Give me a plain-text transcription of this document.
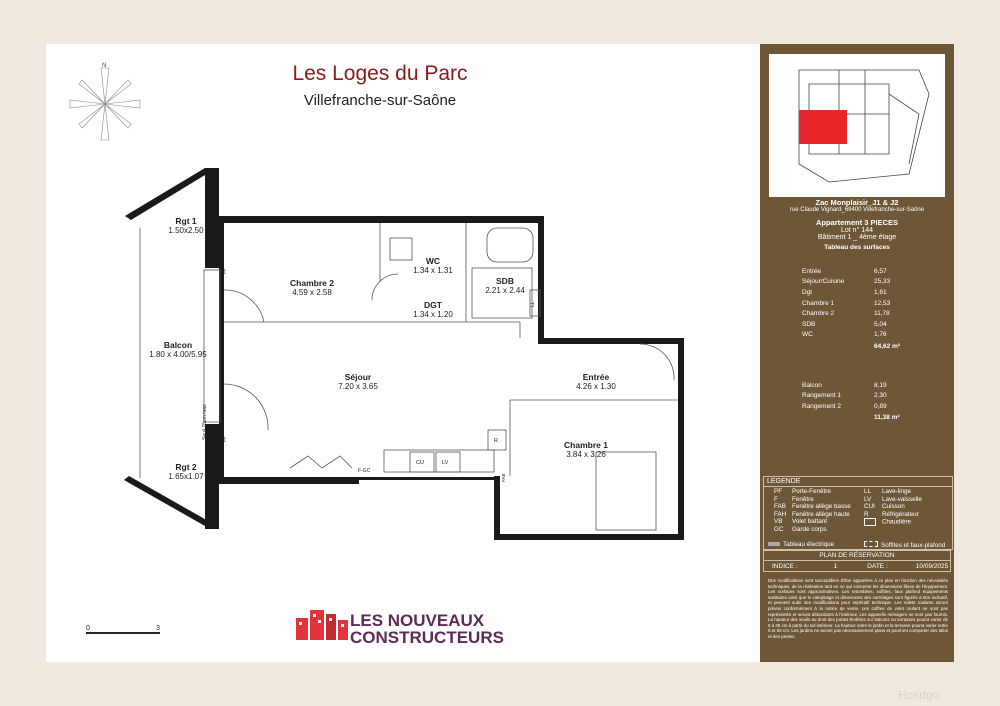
Les Loges du Parc
Villefranche-sur-Saône
N
LL
CU	LV
R
F-GC
FAB
PF
PF
Seuil 15cm max
Rgt 1
1.50x2.50
Chambre 2
4.59 x 2.58
WC
1.34 x 1.31
SDB
2.21 x 2.44
DGT
1.34 x 1.20
Balcon
1.80 x 4.00/5.95
Séjour
7.20 x 3.65
Entrée
4.26 x 1.30
Chambre 1
3.84 x 3.26
Rgt 2
1.65x1.07
0	3	LES NOUVEAUX
CONSTRUCTEURS
Zac Monplaisir_J1 & J2
rue Claude Vignard_69400 Villefranche-sur-Saône
Appartement 3 PIECES
Lot n° 144
Bâtiment 1 _ 4ème étage
Tableau des surfaces
Entrée	6,57
Séjour/Cuisine	25,33
Dgt	1,61
Chambre 1	12,53
Chambre 2	11,78
SDB	5,04
WC	1,76
64,62 m²
Balcon	8,19
Rangement 1	2,30
Rangement 2	0,89
11,38 m²
LEGENDE
PF Porte-Fenêtre
F Fenêtre
FAB Fenêtre allège basse
FAH Fenêtre allège haute
VB Volet battant
GC Garde corps
LL Lave-linge
LV Lave-vaisselle
CUI Cuisson
R Réfrigérateur
Chaudière
Tableau électrique	Soffites et faux-plafond
PLAN DE RÉSERVATION
INDICE :	1	DATE :	10/09/2025
Des modifications sont susceptibles d'être apportées à ce plan en fonction des nécessités techniques, de la réalisation tant en ce qui concerne les dimensions libres de l'équipement. Les surfaces sont approximatives. Les retombées, soffites, faux plafond équipements sanitaires ainsi que le calepinage et dimensions des carrelages sont figurés à titre indicatif, et peuvent subir des modifications pour impératif technique. Les volets roulants seront prévus conformément à la notice de vente. Les coffres de volet roulant ne sont pas représentés et seront débordants à l'intérieur. Les appareils ménagers ne sont pas fournis. La hauteur des seuils au droit des portes-fenêtres sur balcons ou terrasses pourra varier de 5 à 35 cm à partir du sol intérieur. La hauteur entre le jardin et la terrasse pourra varier entre 0 et 60 cm. Les jardins ne seront pas nécessairement plans et pourront comporter des talus et des pentes.
Hosdgo
